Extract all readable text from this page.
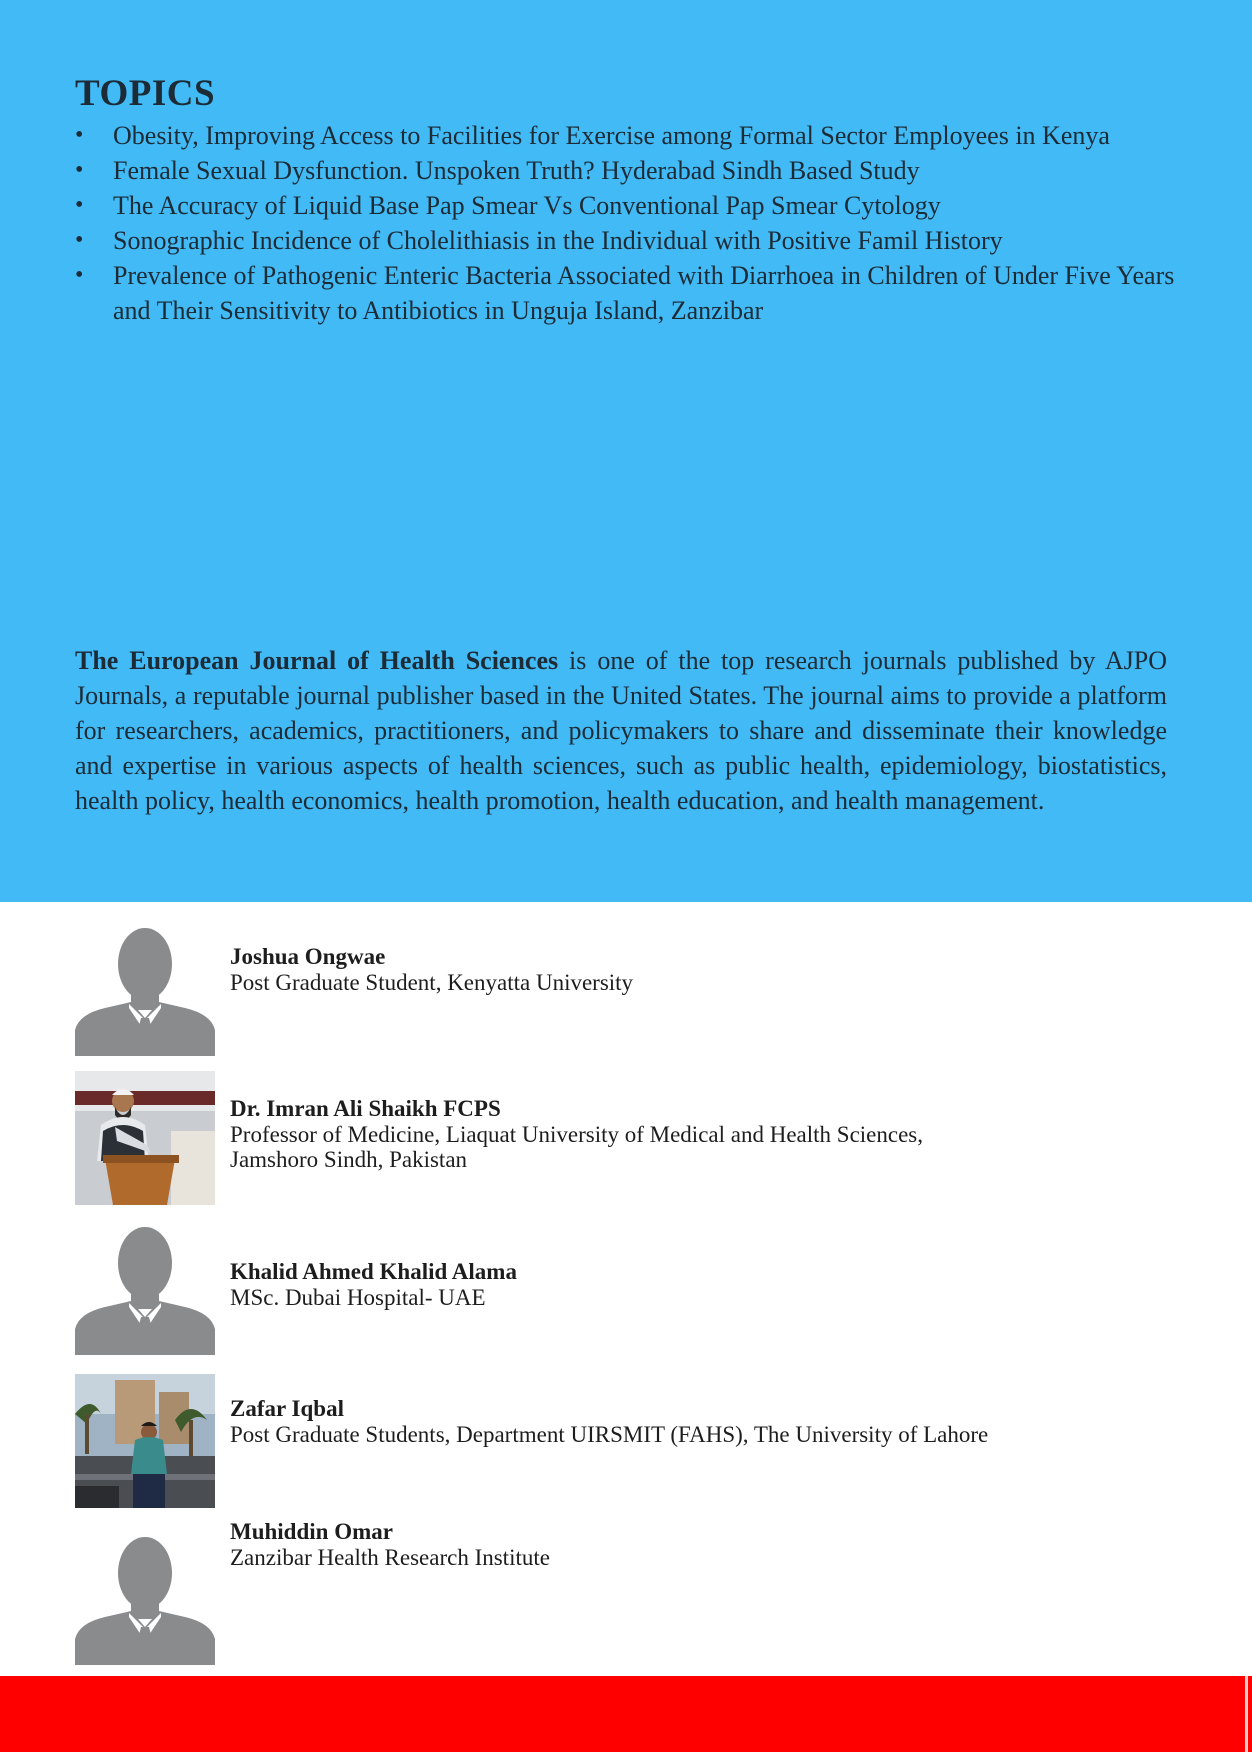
TOPICS
• Obesity, Improving Access to Facilities for Exercise among Formal Sector Employees in Kenya
• Female Sexual Dysfunction. Unspoken Truth? Hyderabad Sindh Based Study
• The Accuracy of Liquid Base Pap Smear Vs Conventional Pap Smear Cytology
• Sonographic Incidence of Cholelithiasis in the Individual with Positive Famil History
• Prevalence of Pathogenic Enteric Bacteria Associated with Diarrhoea in Children of Under Five Years and Their Sensitivity to Antibiotics in Unguja Island, Zanzibar

The European Journal of Health Sciences is one of the top research journals published by AJPO Journals, a reputable journal publisher based in the United States. The journal aims to provide a platform for researchers, academics, practitioners, and policymakers to share and disseminate their knowledge and expertise in various aspects of health sciences, such as public health, epidemiology, biostatistics, health policy, health economics, health promotion, health education, and health management.

Joshua Ongwae
Post Graduate Student, Kenyatta University
Dr. Imran Ali Shaikh FCPS
Professor of Medicine, Liaquat University of Medical and Health Sciences,
Jamshoro Sindh, Pakistan
Khalid Ahmed Khalid Alama
MSc. Dubai Hospital- UAE
Zafar Iqbal
Post Graduate Students, Department UIRSMIT (FAHS), The University of Lahore
Muhiddin Omar
Zanzibar Health Research Institute
